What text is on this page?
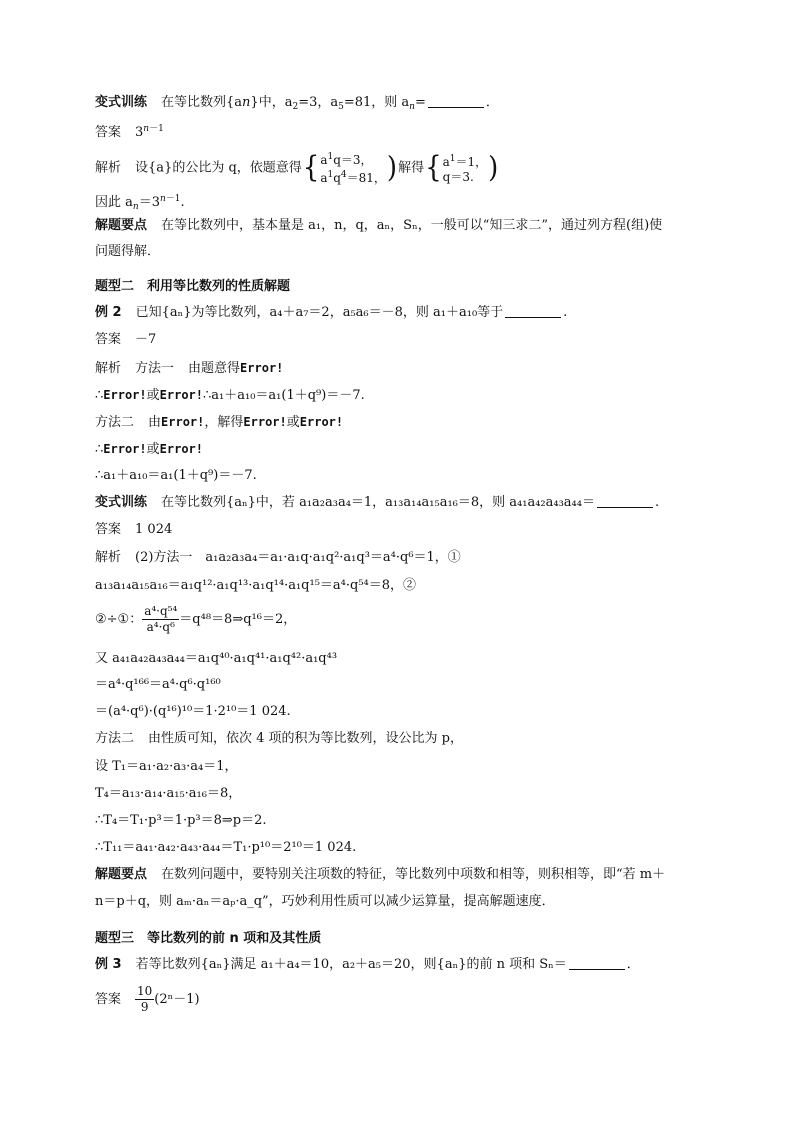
变式训练 在等比数列{an}中，$a_2=3$，$a_5=81$，则 $a_n=$	．
答案 $3^{n-1}$
解析 设{a}的公比为 q，依题意得{$a^1q=3$，
$a^1q^4=81$，)解得{$a^1=1$，
q＝3. )
因此 $a_n=3^{n-1}$.
解题要点 在等比数列中，基本量是 a₁，n，q，aₙ，Sₙ，一般可以“知三求二”，通过列方程(组)使
问题得解．
题型二　利用等比数列的性质解题
例 2 已知{aₙ}为等比数列，a₄＋a₇＝2，a₅a₆＝－8，则 a₁＋a₁₀等于	.
答案 －7
解析 方法一 由题意得Error!
∴Error!或Error!∴a₁＋a₁₀＝a₁(1＋q⁹)＝－7.
方法二 由Error!，解得Error!或Error!
∴Error!或Error!
∴a₁＋a₁₀＝a₁(1＋q⁹)＝－7.
变式训练 在等比数列{aₙ}中，若 a₁a₂a₃a₄＝1，a₁₃a₁₄a₁₅a₁₆＝8，则 a₄₁a₄₂a₄₃a₄₄＝	.
答案 1 024
解析 (2)方法一　a₁a₂a₃a₄＝a₁·a₁q·a₁q²·a₁q³＝a⁴·q⁶＝1，①
a₁₃a₁₄a₁₅a₁₆＝a₁q¹²·a₁q¹³·a₁q¹⁴·a₁q¹⁵＝a⁴·q⁵⁴＝8，②
②÷①： $\frac{\text{a⁴·q⁵⁴}}{\text{a⁴·q⁶}}$ ＝q⁴⁸＝8⇒q¹⁶＝2，
又 a₄₁a₄₂a₄₃a₄₄＝a₁q⁴⁰·a₁q⁴¹·a₁q⁴²·a₁q⁴³
＝a⁴·q¹⁶⁶＝a⁴·q⁶·q¹⁶⁰
＝(a⁴·q⁶)·(q¹⁶)¹⁰＝1·2¹⁰＝1 024.
方法二 由性质可知，依次 4 项的积为等比数列，设公比为 p，
设 T₁＝a₁·a₂·a₃·a₄＝1，
T₄＝a₁₃·a₁₄·a₁₅·a₁₆＝8，
∴T₄＝T₁·p³＝1·p³＝8⇒p＝2.
∴T₁₁＝a₄₁·a₄₂·a₄₃·a₄₄＝T₁·p¹⁰＝2¹⁰＝1 024.
解题要点 在数列问题中，要特别关注项数的特征，等比数列中项数和相等，则积相等，即“若 m＋
n＝p＋q，则 aₘ·aₙ＝aₚ·a_q”，巧妙利用性质可以减少运算量，提高解题速度．
题型三　等比数列的前 n 项和及其性质
例 3 若等比数列{aₙ}满足 a₁＋a₄＝10，a₂＋a₅＝20，则{aₙ}的前 n 项和 Sₙ＝	．
答案 $\frac{10}{9} (2^n-1)$
